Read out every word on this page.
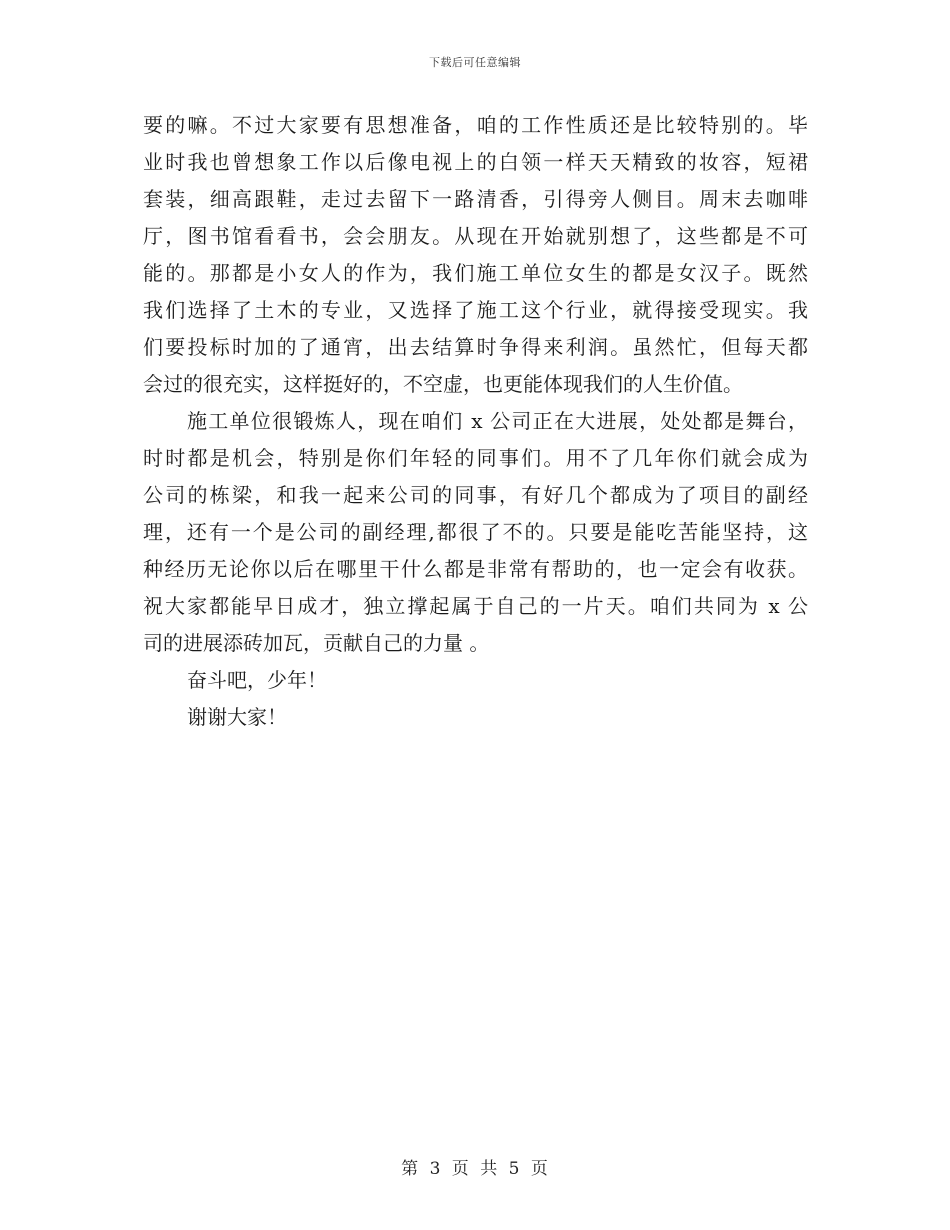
下载后可任意编辑
要的嘛。不过大家要有思想准备，咱的工作性质还是比较特别的。毕
业时我也曾想象工作以后像电视上的白领一样天天精致的妆容，短裙
套装，细高跟鞋，走过去留下一路清香，引得旁人侧目。周末去咖啡
厅，图书馆看看书，会会朋友。从现在开始就别想了，这些都是不可
能的。那都是小女人的作为，我们施工单位女生的都是女汉子。既然
我们选择了土木的专业，又选择了施工这个行业，就得接受现实。我
们要投标时加的了通宵，出去结算时争得来利润。虽然忙，但每天都
会过的很充实，这样挺好的，不空虚，也更能体现我们的人生价值。
施工单位很锻炼人，现在咱们 x 公司正在大进展，处处都是舞台，
时时都是机会，特别是你们年轻的同事们。用不了几年你们就会成为
公司的栋梁，和我一起来公司的同事，有好几个都成为了项目的副经
理，还有一个是公司的副经理,都很了不的。只要是能吃苦能坚持，这
种经历无论你以后在哪里干什么都是非常有帮助的，也一定会有收获。
祝大家都能早日成才，独立撑起属于自己的一片天。咱们共同为 x 公
司的进展添砖加瓦，贡献自己的力量 。
奋斗吧，少年！
谢谢大家！
第 3 页 共 5 页
